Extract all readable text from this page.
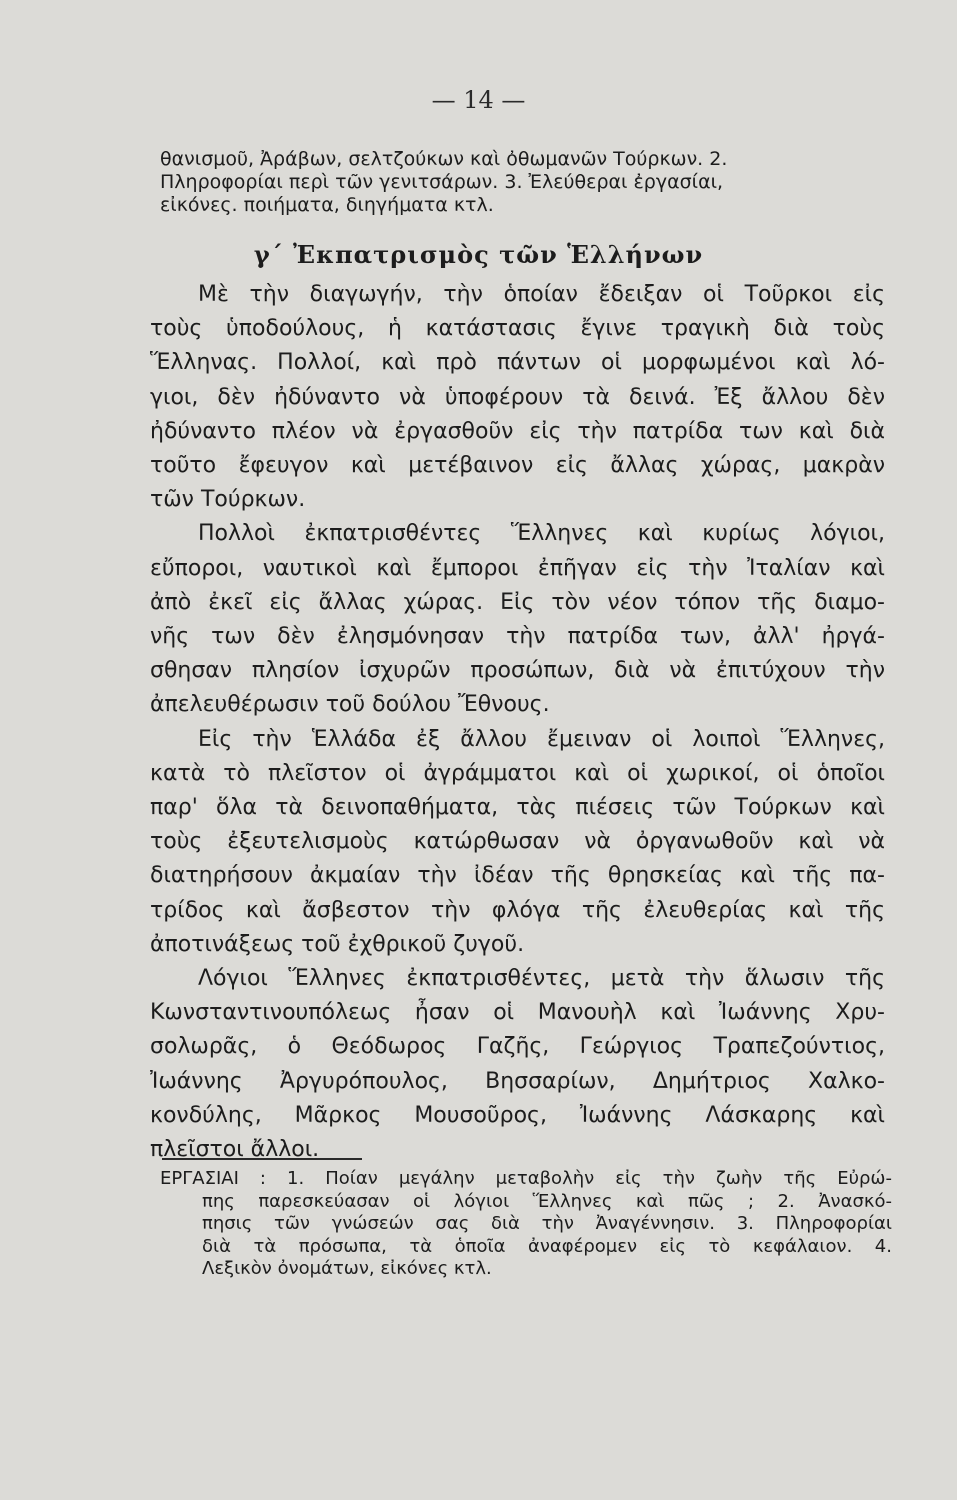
— 14 —
θανισμοῦ, Ἀράβων, σελτζούκων καὶ ὀθωμανῶν Τούρκων. 2.
Πληροφορίαι περὶ τῶν γενιτσάρων. 3. Ἐλεύθεραι ἐργασίαι,
εἰκόνες. ποιήματα, διηγήματα κτλ.
γ΄ Ἐκπατρισμὸς τῶν Ἑλλήνων
Μὲ τὴν διαγωγήν, τὴν ὁποίαν ἔδειξαν οἱ Τοῦρκοι εἰς
τοὺς ὑποδούλους, ἡ κατάστασις ἔγινε τραγικὴ διὰ τοὺς
Ἕλληνας. Πολλοί, καὶ πρὸ πάντων οἱ μορφωμένοι καὶ λό-
γιοι, δὲν ἠδύναντο νὰ ὑποφέρουν τὰ δεινά. Ἐξ ἄλλου δὲν
ἠδύναντο πλέον νὰ ἐργασθοῦν εἰς τὴν πατρίδα των καὶ διὰ
τοῦτο ἔφευγον καὶ μετέβαινον εἰς ἄλλας χώρας, μακρὰν
τῶν Τούρκων.
Πολλοὶ ἐκπατρισθέντες Ἕλληνες καὶ κυρίως λόγιοι,
εὔποροι, ναυτικοὶ καὶ ἔμποροι ἐπῆγαν εἰς τὴν Ἰταλίαν καὶ
ἀπὸ ἐκεῖ εἰς ἄλλας χώρας. Εἰς τὸν νέον τόπον τῆς διαμο-
νῆς των δὲν ἐλησμόνησαν τὴν πατρίδα των, ἀλλ' ἠργά-
σθησαν πλησίον ἰσχυρῶν προσώπων, διὰ νὰ ἐπιτύχουν τὴν
ἀπελευθέρωσιν τοῦ δούλου Ἔθνους.
Εἰς τὴν Ἑλλάδα ἐξ ἄλλου ἔμειναν οἱ λοιποὶ Ἕλληνες,
κατὰ τὸ πλεῖστον οἱ ἀγράμματοι καὶ οἱ χωρικοί, οἱ ὁποῖοι
παρ' ὅλα τὰ δεινοπαθήματα, τὰς πιέσεις τῶν Τούρκων καὶ
τοὺς ἐξευτελισμοὺς κατώρθωσαν νὰ ὀργανωθοῦν καὶ νὰ
διατηρήσουν ἀκμαίαν τὴν ἰδέαν τῆς θρησκείας καὶ τῆς πα-
τρίδος καὶ ἄσβεστον τὴν φλόγα τῆς ἐλευθερίας καὶ τῆς
ἀποτινάξεως τοῦ ἐχθρικοῦ ζυγοῦ.
Λόγιοι Ἕλληνες ἐκπατρισθέντες, μετὰ τὴν ἅλωσιν τῆς
Κωνσταντινουπόλεως ἦσαν οἱ Μανουὴλ καὶ Ἰωάννης Χρυ-
σολωρᾶς, ὁ Θεόδωρος Γαζῆς, Γεώργιος Τραπεζούντιος,
Ἰωάννης Ἀργυρόπουλος, Βησσαρίων, Δημήτριος Χαλκο-
κονδύλης, Μᾶρκος Μουσοῦρος, Ἰωάννης Λάσκαρης καὶ
πλεῖστοι ἄλλοι.
ΕΡΓΑΣΙΑΙ : 1. Ποίαν μεγάλην μεταβολὴν εἰς τὴν ζωὴν τῆς Εὐρώ-
πης παρεσκεύασαν οἱ λόγιοι Ἕλληνες καὶ πῶς ; 2. Ἀνασκό-
πησις τῶν γνώσεών σας διὰ τὴν Ἀναγέννησιν. 3. Πληροφορίαι
διὰ τὰ πρόσωπα, τὰ ὁποῖα ἀναφέρομεν εἰς τὸ κεφάλαιον. 4.
Λεξικὸν ὀνομάτων, εἰκόνες κτλ.
